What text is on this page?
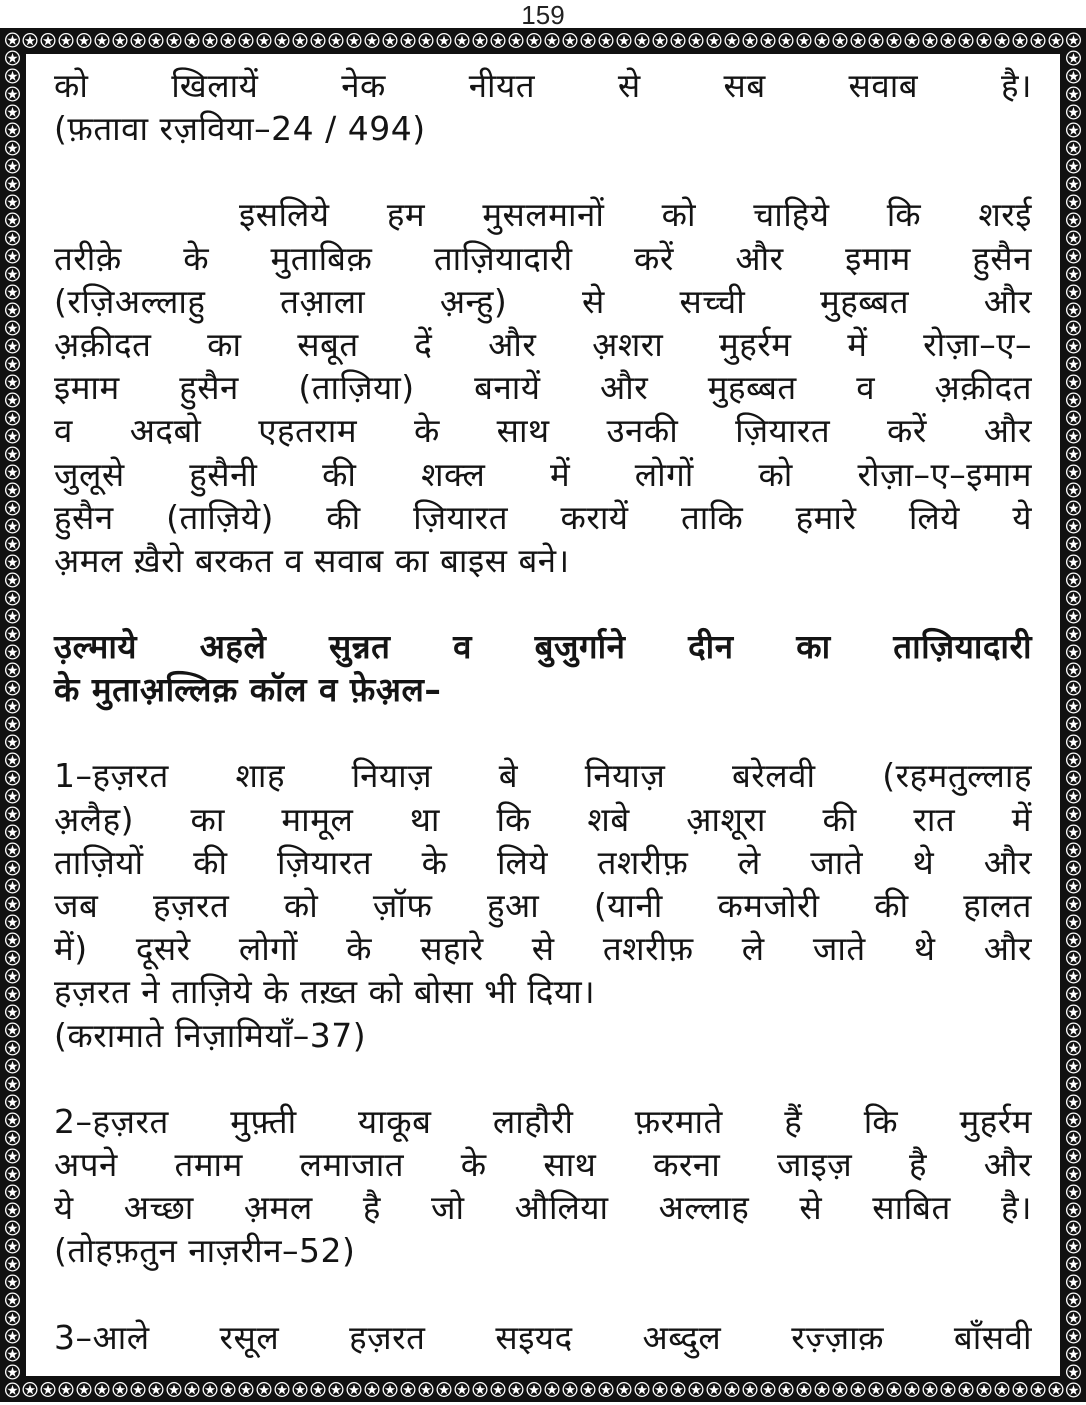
159
को खिलायें नेक नीयत से सब सवाब है।
(फ़तावा रज़विया–24 / 494)
इसलिये हम मुसलमानों को चाहिये कि शरई
तरीक़े के मुताबिक़ ताज़ियादारी करें और इमाम हुसैन
(रज़िअल्लाहु तआ़ला अ़न्हु) से सच्ची मुहब्बत और
अ़क़ीदत का सबूत दें और अ़शरा मुहर्रम में रोज़ा–ए–
इमाम हुसैन (ताज़िया) बनायें और मुहब्बत व अ़क़ीदत
व अदबो एहतराम के साथ उनकी ज़ियारत करें और
जुलूसे हुसैनी की शक्ल में लोगों को रोज़ा–ए–इमाम
हुसैन (ताज़िये) की ज़ियारत करायें ताकि हमारे लिये ये
अ़मल ख़ैरो बरकत व सवाब का बाइस बने।
उ़ल्माये अहले सुन्नत व बुजुर्गाने दीन का ताज़ियादारी
के मुताअ़ल्लिक़ कॉल व फ़ेअ़ल–
1–हज़रत शाह नियाज़ बे नियाज़ बरेलवी (रहमतुल्लाह
अ़लैह) का मामूल था कि शबे आ़शूरा की रात में
ताज़ियों की ज़ियारत के लिये तशरीफ़ ले जाते थे और
जब हज़रत को ज़ॉफ हुआ (यानी कमजोरी की हालत
में) दूसरे लोगों के सहारे से तशरीफ़ ले जाते थे और
हज़रत ने ताज़िये के तख़्त को बोसा भी दिया।
(करामाते निज़ामियाँ–37)
2–हज़रत मुफ़्ती याकूब लाहौरी फ़रमाते हैं कि मुहर्रम
अपने तमाम लमाजात के साथ करना जाइज़ है और
ये अच्छा अ़मल है जो औलिया अल्लाह से साबित है।
(तोहफ़तुन नाज़रीन–52)
3–आले रसूल हज़रत सइयद अब्दुल रज़्ज़ाक़ बाँसवी
